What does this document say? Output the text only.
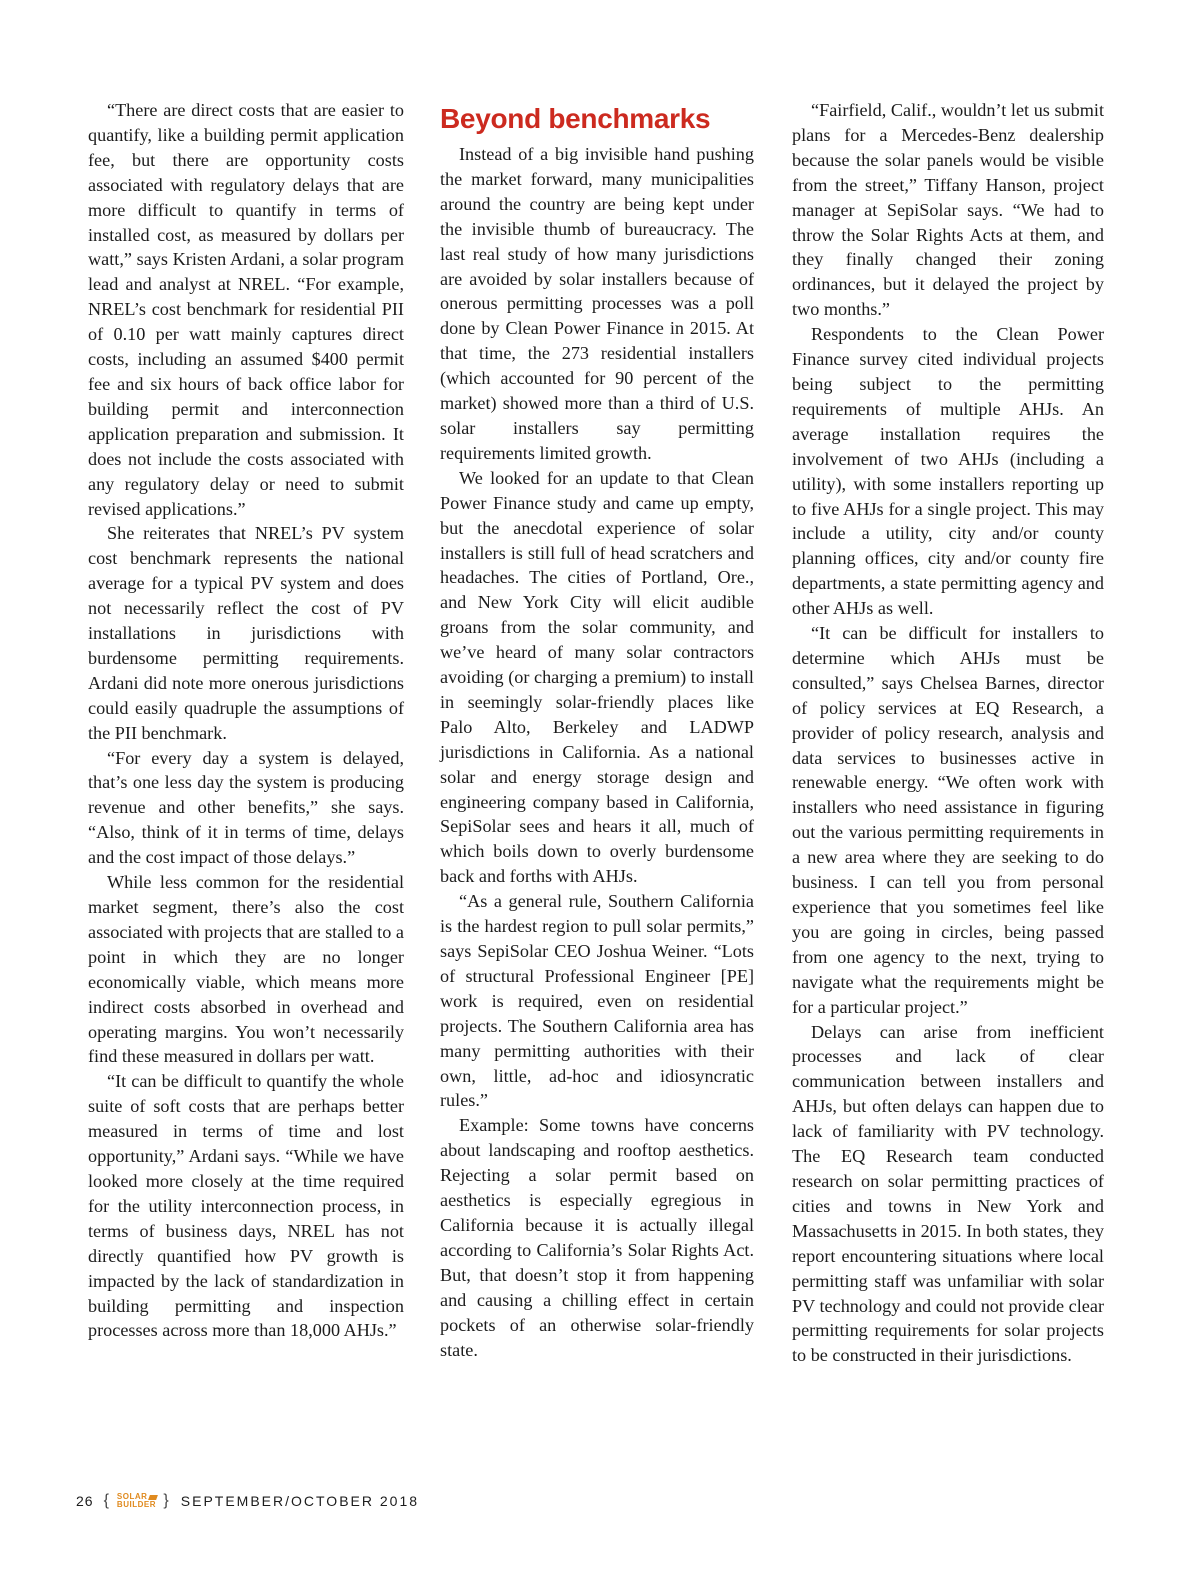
“There are direct costs that are easier to quantify, like a building permit application fee, but there are opportunity costs associated with regulatory delays that are more difficult to quantify in terms of installed cost, as measured by dollars per watt,” says Kristen Ardani, a solar program lead and analyst at NREL. “For example, NREL’s cost benchmark for residential PII of 0.10 per watt mainly captures direct costs, including an assumed $400 permit fee and six hours of back office labor for building permit and interconnection application preparation and submission. It does not include the costs associated with any regulatory delay or need to submit revised applications.”

She reiterates that NREL’s PV system cost benchmark represents the national average for a typical PV system and does not necessarily reflect the cost of PV installations in jurisdictions with burdensome permitting requirements. Ardani did note more onerous jurisdictions could easily quadruple the assumptions of the PII benchmark.

“For every day a system is delayed, that’s one less day the system is producing revenue and other benefits,” she says. “Also, think of it in terms of time, delays and the cost impact of those delays.”

While less common for the residential market segment, there’s also the cost associated with projects that are stalled to a point in which they are no longer economically viable, which means more indirect costs absorbed in overhead and operating margins. You won’t necessarily find these measured in dollars per watt.

“It can be difficult to quantify the whole suite of soft costs that are perhaps better measured in terms of time and lost opportunity,” Ardani says. “While we have looked more closely at the time required for the utility interconnection process, in terms of business days, NREL has not directly quantified how PV growth is impacted by the lack of standardization in building permitting and inspection processes across more than 18,000 AHJs.”

Beyond benchmarks

Instead of a big invisible hand pushing the market forward, many municipalities around the country are being kept under the invisible thumb of bureaucracy. The last real study of how many jurisdictions are avoided by solar installers because of onerous permitting processes was a poll done by Clean Power Finance in 2015. At that time, the 273 residential installers (which accounted for 90 percent of the market) showed more than a third of U.S. solar installers say permitting requirements limited growth.

We looked for an update to that Clean Power Finance study and came up empty, but the anecdotal experience of solar installers is still full of head scratchers and headaches. The cities of Portland, Ore., and New York City will elicit audible groans from the solar community, and we’ve heard of many solar contractors avoiding (or charging a premium) to install in seemingly solar-friendly places like Palo Alto, Berkeley and LADWP jurisdictions in California. As a national solar and energy storage design and engineering company based in California, SepiSolar sees and hears it all, much of which boils down to overly burdensome back and forths with AHJs.

“As a general rule, Southern California is the hardest region to pull solar permits,” says SepiSolar CEO Joshua Weiner. “Lots of structural Professional Engineer [PE] work is required, even on residential projects. The Southern California area has many permitting authorities with their own, little, ad-hoc and idiosyncratic rules.”

Example: Some towns have concerns about landscaping and rooftop aesthetics. Rejecting a solar permit based on aesthetics is especially egregious in California because it is actually illegal according to California’s Solar Rights Act. But, that doesn’t stop it from happening and causing a chilling effect in certain pockets of an otherwise solar-friendly state.

“Fairfield, Calif., wouldn’t let us submit plans for a Mercedes-Benz dealership because the solar panels would be visible from the street,” Tiffany Hanson, project manager at SepiSolar says. “We had to throw the Solar Rights Acts at them, and they finally changed their zoning ordinances, but it delayed the project by two months.”

Respondents to the Clean Power Finance survey cited individual projects being subject to the permitting requirements of multiple AHJs. An average installation requires the involvement of two AHJs (including a utility), with some installers reporting up to five AHJs for a single project. This may include a utility, city and/or county planning offices, city and/or county fire departments, a state permitting agency and other AHJs as well.

“It can be difficult for installers to determine which AHJs must be consulted,” says Chelsea Barnes, director of policy services at EQ Research, a provider of policy research, analysis and data services to businesses active in renewable energy. “We often work with installers who need assistance in figuring out the various permitting requirements in a new area where they are seeking to do business. I can tell you from personal experience that you sometimes feel like you are going in circles, being passed from one agency to the next, trying to navigate what the requirements might be for a particular project.”

Delays can arise from inefficient processes and lack of clear communication between installers and AHJs, but often delays can happen due to lack of familiarity with PV technology. The EQ Research team conducted research on solar permitting practices of cities and towns in New York and Massachusetts in 2015. In both states, they report encountering situations where local permitting staff was unfamiliar with solar PV technology and could not provide clear permitting requirements for solar projects to be constructed in their jurisdictions.

26 { SOLAR
BUILDER } SEPTEMBER/OCTOBER 2018
